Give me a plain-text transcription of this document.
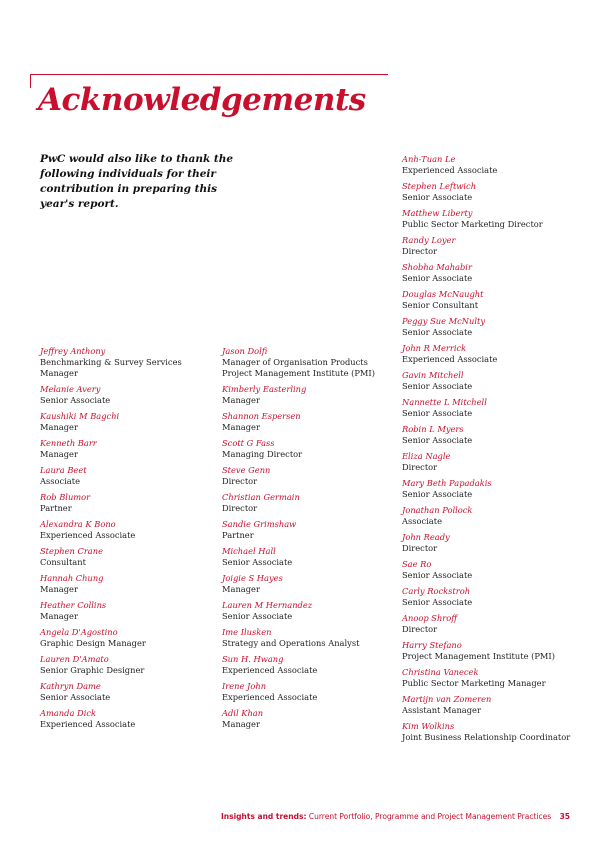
Acknowledgements

PwC would also like to thank the following individuals for their contribution in preparing this year's report.

Jeffrey Anthony
Benchmarking & Survey Services Manager
Melanie Avery
Senior Associate
Kaushiki M Bagchi
Manager
Kenneth Barr
Manager
Laura Beet
Associate
Rob Blumor
Partner
Alexandra K Bono
Experienced Associate
Stephen Crane
Consultant
Hannah Chung
Manager
Heather Collins
Manager
Angela D'Agostino
Graphic Design Manager
Lauren D'Amato
Senior Graphic Designer
Kathryn Dame
Senior Associate
Amanda Dick
Experienced Associate
Jason Dolfi
Manager of Organisation Products
Project Management Institute (PMI)
Kimberly Easterling
Manager
Shannon Espersen
Manager
Scott G Fass
Managing Director
Steve Genn
Director
Christian Germain
Director
Sandie Grimshaw
Partner
Michael Hall
Senior Associate
Joigie S Hayes
Manager
Lauren M Hernandez
Senior Associate
Ime Ilusken
Strategy and Operations Analyst
Sun H. Hwang
Experienced Associate
Irene John
Experienced Associate
Adil Khan
Manager
Anh-Tuan Le
Experienced Associate
Stephen Leftwich
Senior Associate
Matthew Liberty
Public Sector Marketing Director
Randy Loyer
Director
Shobha Mahabir
Senior Associate
Douglas McNaught
Senior Consultant
Peggy Sue McNulty
Senior Associate
John R Merrick
Experienced Associate
Gavin Mitchell
Senior Associate
Nannette L Mitchell
Senior Associate
Robin L Myers
Senior Associate
Eliza Nagle
Director
Mary Beth Papadakis
Senior Associate
Jonathan Pollock
Associate
John Ready
Director
Sae Ro
Senior Associate
Carly Rockstroh
Senior Associate
Anoop Shroff
Director
Harry Stefano
Project Management Institute (PMI)
Christina Vanecek
Public Sector Marketing Manager
Martijn van Zomeren
Assistant Manager
Kim Wolkins
Joint Business Relationship Coordinator

Insights and trends: Current Portfolio, Programme and Project Management Practices 35
